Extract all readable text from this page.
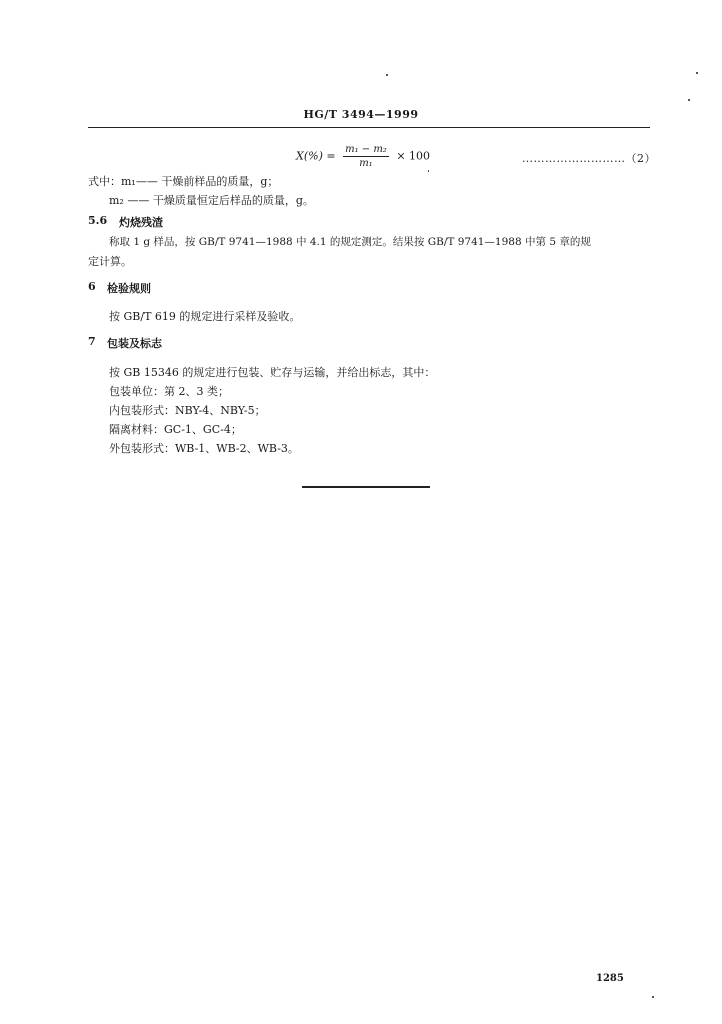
HG/T 3494—1999
$X(\%) = \frac{\text{m₁ − m₂}}{\text{m₁}} \times 100$	………………………（2）
式中：m₁—— 干燥前样品的质量，g；
m₂ —— 干燥质量恒定后样品的质量，g。
5.6 灼烧残渣
称取 1 g 样品，按 GB/T 9741—1988 中 4.1 的规定测定。结果按 GB/T 9741—1988 中第 5 章的规
定计算。
6 检验规则
按 GB/T 619 的规定进行采样及验收。
7 包装及标志
按 GB 15346 的规定进行包装、贮存与运输，并给出标志，其中：
包装单位：第 2、3 类；
内包装形式：NBY-4、NBY-5；
隔离材料：GC-1、GC-4；
外包装形式：WB-1、WB-2、WB-3。
1285
